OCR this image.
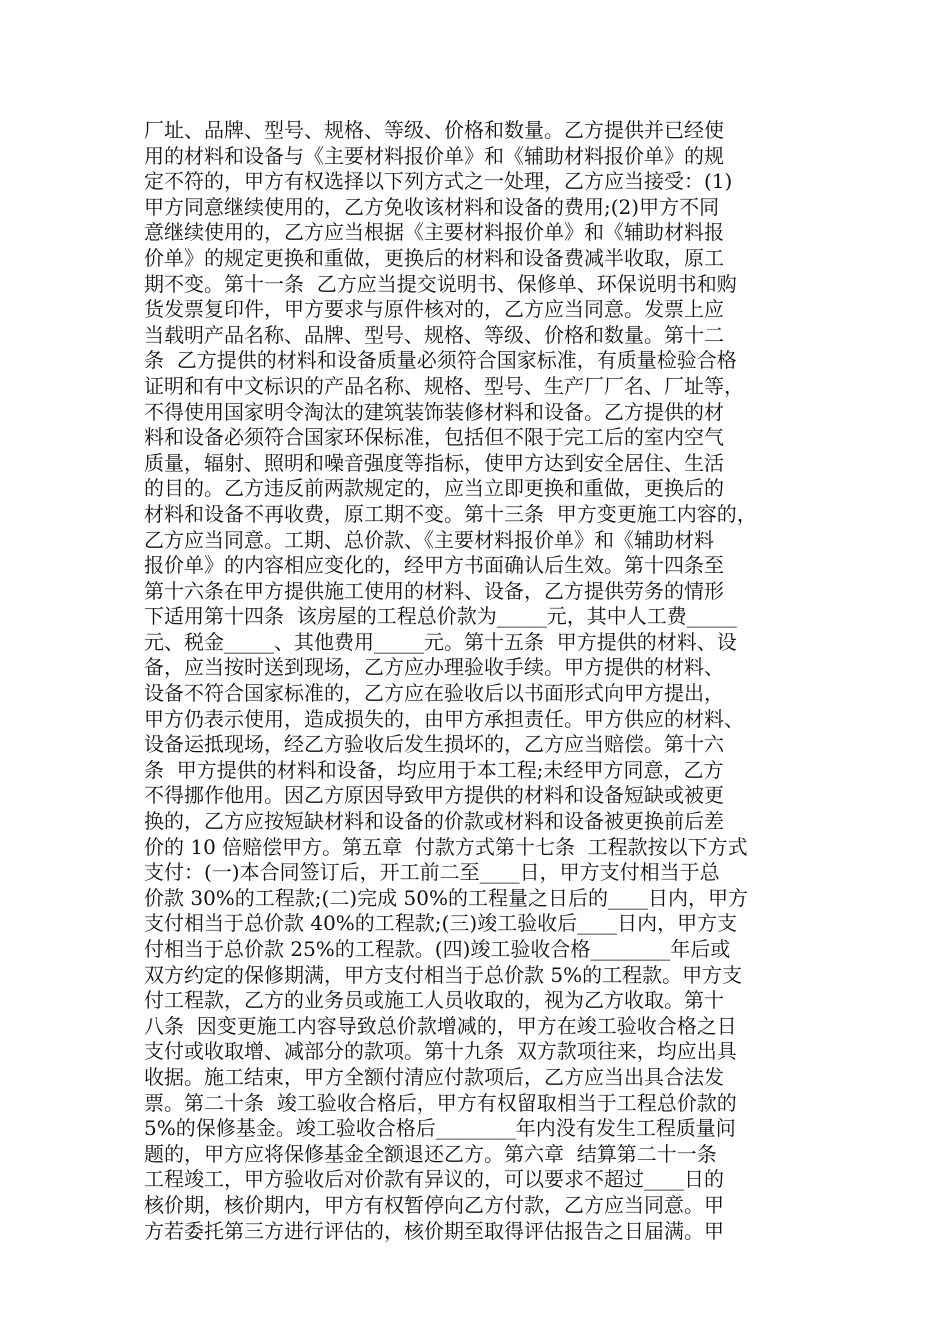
厂址、品牌、型号、规格、等级、价格和数量。乙方提供并已经使
用的材料和设备与《主要材料报价单》和《辅助材料报价单》的规
定不符的，甲方有权选择以下列方式之一处理，乙方应当接受：(1)
甲方同意继续使用的，乙方免收该材料和设备的费用;(2)甲方不同
意继续使用的，乙方应当根据《主要材料报价单》和《辅助材料报
价单》的规定更换和重做，更换后的材料和设备费减半收取，原工
期不变。第十一条  乙方应当提交说明书、保修单、环保说明书和购
货发票复印件，甲方要求与原件核对的，乙方应当同意。发票上应
当载明产品名称、品牌、型号、规格、等级、价格和数量。第十二
条  乙方提供的材料和设备质量必须符合国家标准，有质量检验合格
证明和有中文标识的产品名称、规格、型号、生产厂厂名、厂址等，
不得使用国家明令淘汰的建筑装饰装修材料和设备。乙方提供的材
料和设备必须符合国家环保标准，包括但不限于完工后的室内空气
质量，辐射、照明和噪音强度等指标，使甲方达到安全居住、生活
的目的。乙方违反前两款规定的，应当立即更换和重做，更换后的
材料和设备不再收费，原工期不变。第十三条  甲方变更施工内容的，
乙方应当同意。工期、总价款、《主要材料报价单》和《辅助材料
报价单》的内容相应变化的，经甲方书面确认后生效。第十四条至
第十六条在甲方提供施工使用的材料、设备，乙方提供劳务的情形
下适用第十四条  该房屋的工程总价款为_____元，其中人工费_____
元、税金_____、其他费用_____元。第十五条  甲方提供的材料、设
备，应当按时送到现场，乙方应办理验收手续。甲方提供的材料、
设备不符合国家标准的，乙方应在验收后以书面形式向甲方提出，
甲方仍表示使用，造成损失的，由甲方承担责任。甲方供应的材料、
设备运抵现场，经乙方验收后发生损坏的，乙方应当赔偿。第十六
条  甲方提供的材料和设备，均应用于本工程;未经甲方同意，乙方
不得挪作他用。因乙方原因导致甲方提供的材料和设备短缺或被更
换的，乙方应按短缺材料和设备的价款或材料和设备被更换前后差
价的 10 倍赔偿甲方。第五章  付款方式第十七条  工程款按以下方式
支付：(一)本合同签订后，开工前二至____日，甲方支付相当于总
价款 30%的工程款;(二)完成 50%的工程量之日后的____日内，甲方
支付相当于总价款 40%的工程款;(三)竣工验收后____日内，甲方支
付相当于总价款 25%的工程款。(四)竣工验收合格________年后或
双方约定的保修期满，甲方支付相当于总价款 5%的工程款。甲方支
付工程款，乙方的业务员或施工人员收取的，视为乙方收取。第十
八条  因变更施工内容导致总价款增减的，甲方在竣工验收合格之日
支付或收取增、减部分的款项。第十九条  双方款项往来，均应出具
收据。施工结束，甲方全额付清应付款项后，乙方应当出具合法发
票。第二十条  竣工验收合格后，甲方有权留取相当于工程总价款的
5%的保修基金。竣工验收合格后________年内没有发生工程质量问
题的，甲方应将保修基金全额退还乙方。第六章  结算第二十一条
工程竣工，甲方验收后对价款有异议的，可以要求不超过____日的
核价期，核价期内，甲方有权暂停向乙方付款，乙方应当同意。甲
方若委托第三方进行评估的，核价期至取得评估报告之日届满。甲
